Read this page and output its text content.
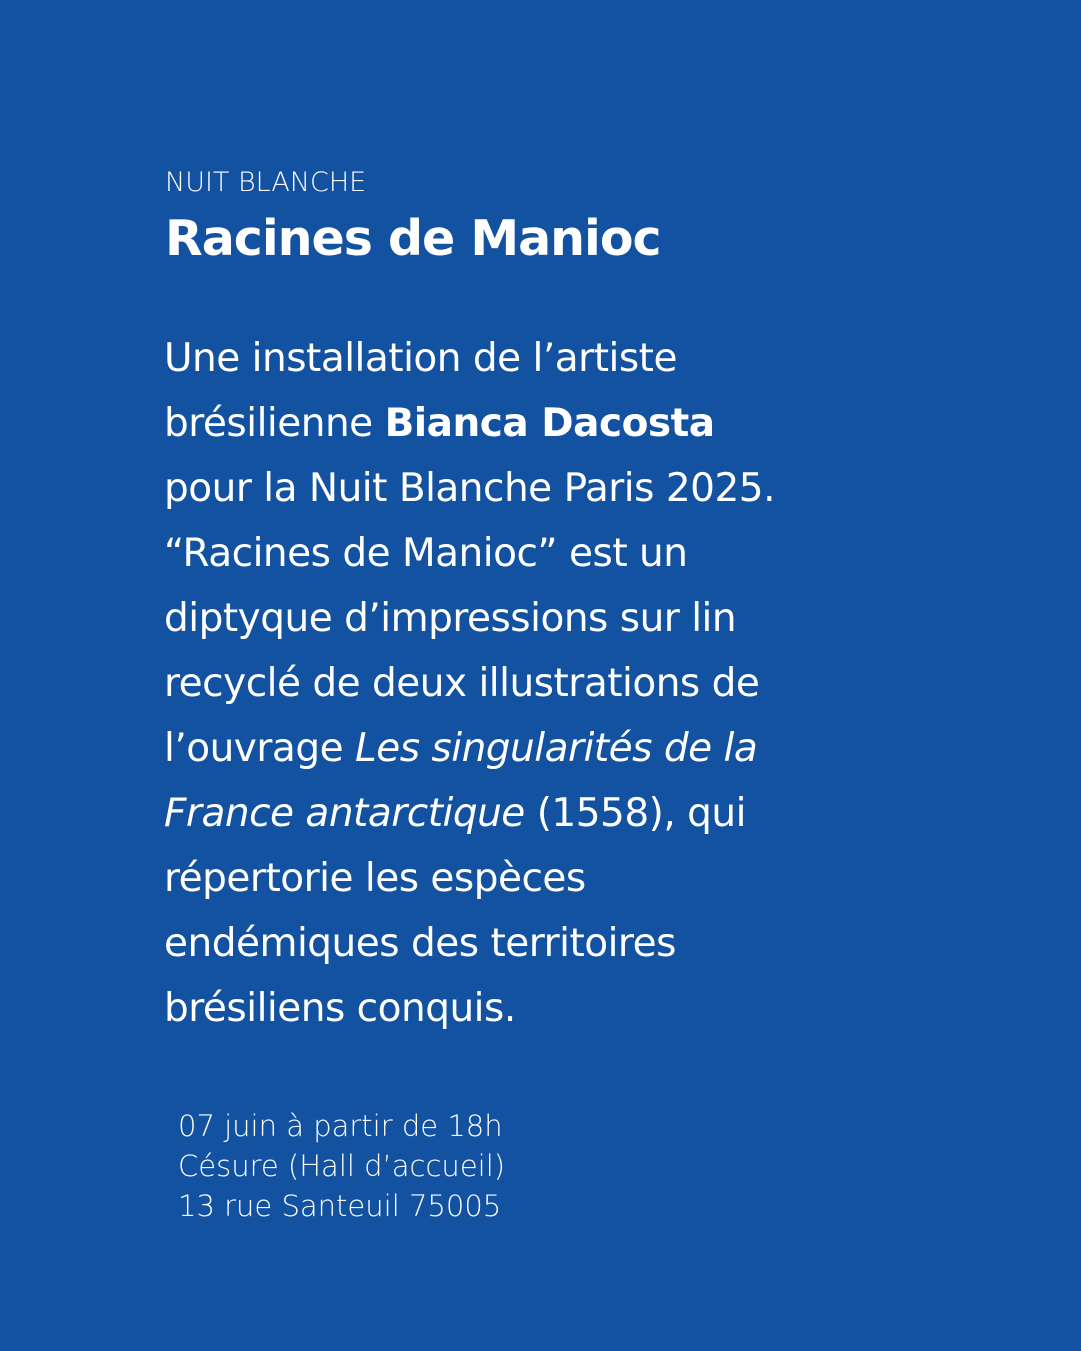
NUIT BLANCHE
Racines de Manioc
Une installation de l’artiste
brésilienne Bianca Dacosta
pour la Nuit Blanche Paris 2025.
“Racines de Manioc” est un
diptyque d’impressions sur lin
recyclé de deux illustrations de
l’ouvrage Les singularités de la
France antarctique (1558), qui
répertorie les espèces
endémiques des territoires
brésiliens conquis.
07 juin à partir de 18h
Césure (Hall d’accueil)
13 rue Santeuil 75005
